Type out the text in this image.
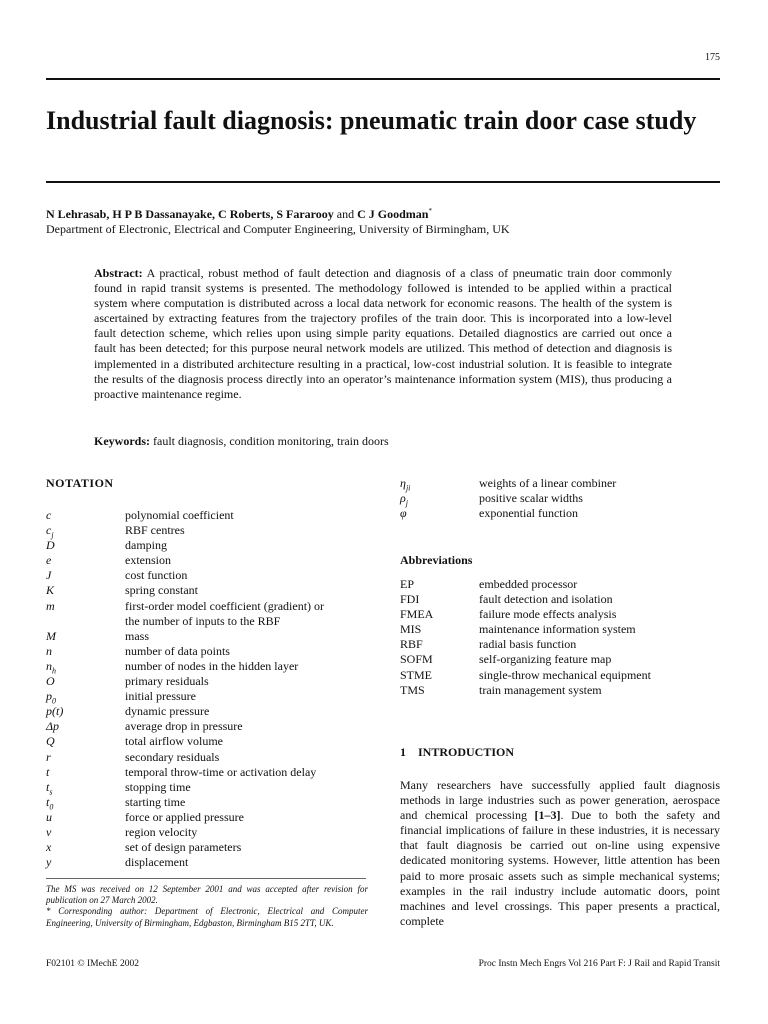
175
Industrial fault diagnosis: pneumatic train door case study
N Lehrasab, H P B Dassanayake, C Roberts, S Fararooy and C J Goodman*
Department of Electronic, Electrical and Computer Engineering, University of Birmingham, UK
Abstract: A practical, robust method of fault detection and diagnosis of a class of pneumatic train door commonly found in rapid transit systems is presented. The methodology followed is intended to be applied within a practical system where computation is distributed across a local data network for economic reasons. The health of the system is ascertained by extracting features from the trajectory profiles of the train door. This is incorporated into a low-level fault detection scheme, which relies upon using simple parity equations. Detailed diagnostics are carried out once a fault has been detected; for this purpose neural network models are utilized. This method of detection and diagnosis is implemented in a distributed architecture resulting in a practical, low-cost industrial solution. It is feasible to integrate the results of the diagnosis process directly into an operator’s maintenance information system (MIS), thus producing a proactive maintenance regime.
Keywords: fault diagnosis, condition monitoring, train doors
NOTATION
c	polynomial coefficient
$c_j$	RBF centres
D	damping
e	extension
J	cost function
K	spring constant
m	first-order model coefficient (gradient) or
the number of inputs to the RBF
M	mass
n	number of data points
$n_h$	number of nodes in the hidden layer
O	primary residuals
$p_0$	initial pressure
p(t)	dynamic pressure
Δp	average drop in pressure
Q	total airflow volume
r	secondary residuals
t	temporal throw-time or activation delay
$t_s$	stopping time
$t_0$	starting time
u	force or applied pressure
v	region velocity
x	set of design parameters
y	displacement
$\eta_{ji}$	weights of a linear combiner
$\rho_j$	positive scalar widths
φ	exponential function
Abbreviations
EP	embedded processor
FDI	fault detection and isolation
FMEA	failure mode effects analysis
MIS	maintenance information system
RBF	radial basis function
SOFM	self-organizing feature map
STME	single-throw mechanical equipment
TMS	train management system
1 INTRODUCTION
Many researchers have successfully applied fault diagnosis methods in large industries such as power generation, aerospace and chemical processing [1–3]. Due to both the safety and financial implications of failure in these industries, it is necessary that fault diagnosis be carried out on-line using expensive dedicated monitoring systems. However, little attention has been paid to more prosaic assets such as simple mechanical systems; examples in the rail industry include automatic doors, point machines and level crossings. This paper presents a practical, complete
The MS was received on 12 September 2001 and was accepted after revision for publication on 27 March 2002.
* Corresponding author: Department of Electronic, Electrical and Computer Engineering, University of Birmingham, Edgbaston, Birmingham B15 2TT, UK.
F02101 © IMechE 2002	Proc Instn Mech Engrs Vol 216 Part F: J Rail and Rapid Transit
